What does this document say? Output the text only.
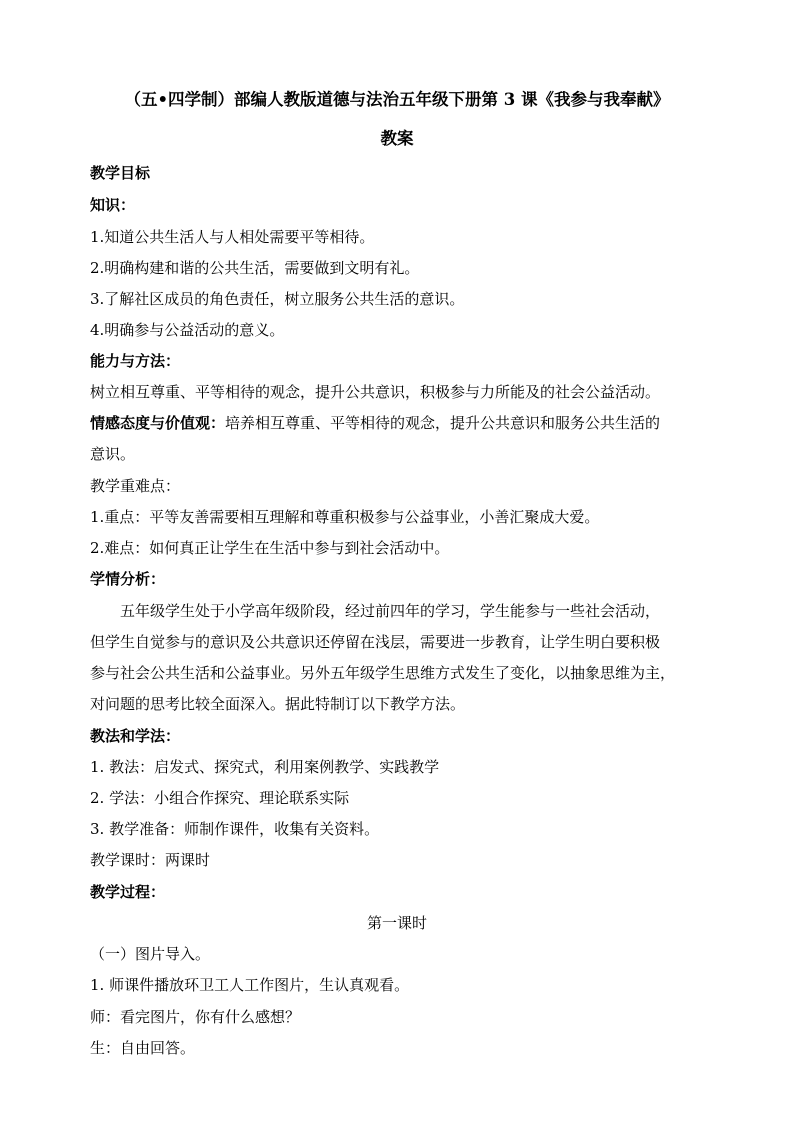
（五•四学制）部编人教版道德与法治五年级下册第 3 课《我参与我奉献》
教案
教学目标
知识：
1.知道公共生活人与人相处需要平等相待。
2.明确构建和谐的公共生活，需要做到文明有礼。
3.了解社区成员的角色责任，树立服务公共生活的意识。
4.明确参与公益活动的意义。
能力与方法：
树立相互尊重、平等相待的观念，提升公共意识，积极参与力所能及的社会公益活动。
情感态度与价值观：培养相互尊重、平等相待的观念，提升公共意识和服务公共生活的
意识。
教学重难点：
1.重点：平等友善需要相互理解和尊重积极参与公益事业，小善汇聚成大爱。
2.难点：如何真正让学生在生活中参与到社会活动中。
学情分析：
五年级学生处于小学高年级阶段，经过前四年的学习，学生能参与一些社会活动，
但学生自觉参与的意识及公共意识还停留在浅层，需要进一步教育，让学生明白要积极
参与社会公共生活和公益事业。另外五年级学生思维方式发生了变化，以抽象思维为主，
对问题的思考比较全面深入。据此特制订以下教学方法。
教法和学法：
1. 教法：启发式、探究式，利用案例教学、实践教学
2. 学法：小组合作探究、理论联系实际
3. 教学准备：师制作课件，收集有关资料。
教学课时：两课时
教学过程：
第一课时
（一）图片导入。
1. 师课件播放环卫工人工作图片，生认真观看。
师：看完图片，你有什么感想？
生：自由回答。
